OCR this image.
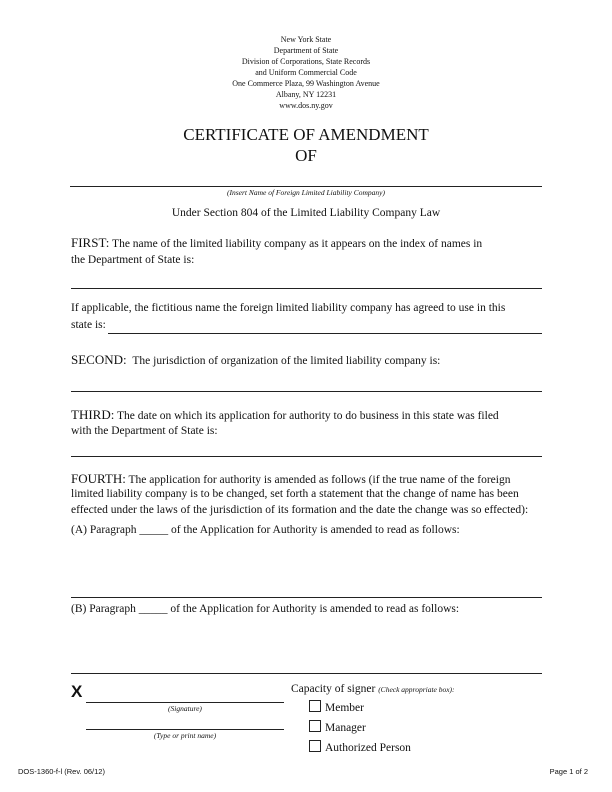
New York State
Department of State
Division of Corporations, State Records
and Uniform Commercial Code
One Commerce Plaza, 99 Washington Avenue
Albany, NY 12231
www.dos.ny.gov
CERTIFICATE OF AMENDMENT
OF
(Insert Name of Foreign Limited Liability Company)
Under Section 804 of the Limited Liability Company Law
FIRST: The name of the limited liability company as it appears on the index of names in
the Department of State is:
If applicable, the fictitious name the foreign limited liability company has agreed to use in this
state is:
SECOND: The jurisdiction of organization of the limited liability company is:
THIRD: The date on which its application for authority to do business in this state was filed
with the Department of State is:
FOURTH: The application for authority is amended as follows (if the true name of the foreign
limited liability company is to be changed, set forth a statement that the change of name has been
effected under the laws of the jurisdiction of its formation and the date the change was so effected):
(A) Paragraph _____ of the Application for Authority is amended to read as follows:
(B) Paragraph _____ of the Application for Authority is amended to read as follows:
X
(Signature)
(Type or print name)
Capacity of signer (Check appropriate box):
Member
Manager
Authorized Person
DOS-1360-f-l (Rev. 06/12)	Page 1 of 2
